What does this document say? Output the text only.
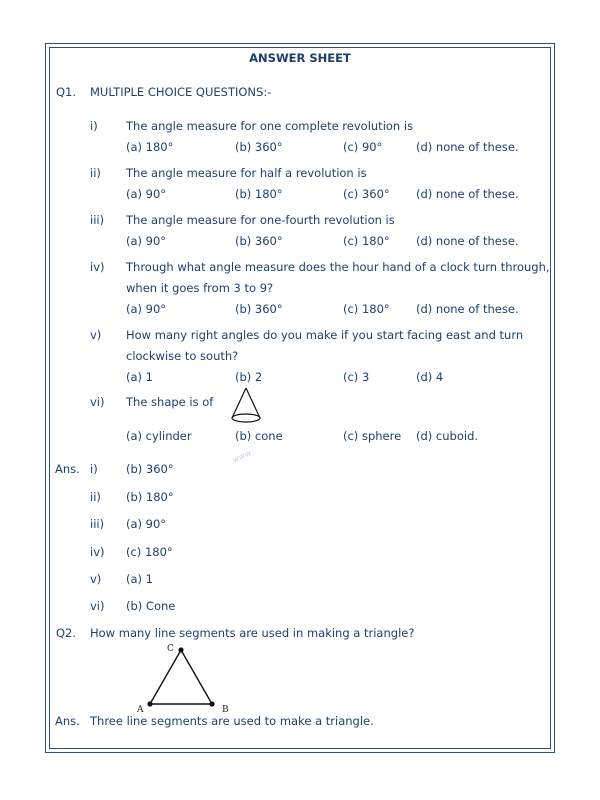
ANSWER SHEET
Q1. MULTIPLE CHOICE QUESTIONS:-
i) The angle measure for one complete revolution is
(a) 180°	(b) 360°	(c) 90°	(d) none of these.
ii) The angle measure for half a revolution is
(a) 90°	(b) 180°	(c) 360° (d) none of these.
iii) The angle measure for one-fourth revolution is
(a) 90°	(b) 360°	(c) 180° (d) none of these.
iv) Through what angle measure does the hour hand of a clock turn through,
when it goes from 3 to 9?
(a) 90°	(b) 360°	(c) 180° (d) none of these.
v) How many right angles do you make if you start facing east and turn
clockwise to south?
(a) 1	(b) 2	(c) 3	(d) 4
vi) The shape is of
(a) cylinder	(b) cone	(c) sphere (d) cuboid.
www
Ans. i) (b) 360°
ii) (b) 180°
iii) (a) 90°
iv) (c) 180°
v) (a) 1
vi) (b) Cone
Q2. How many line segments are used in making a triangle?
C
A	B
Ans. Three line segments are used to make a triangle.
